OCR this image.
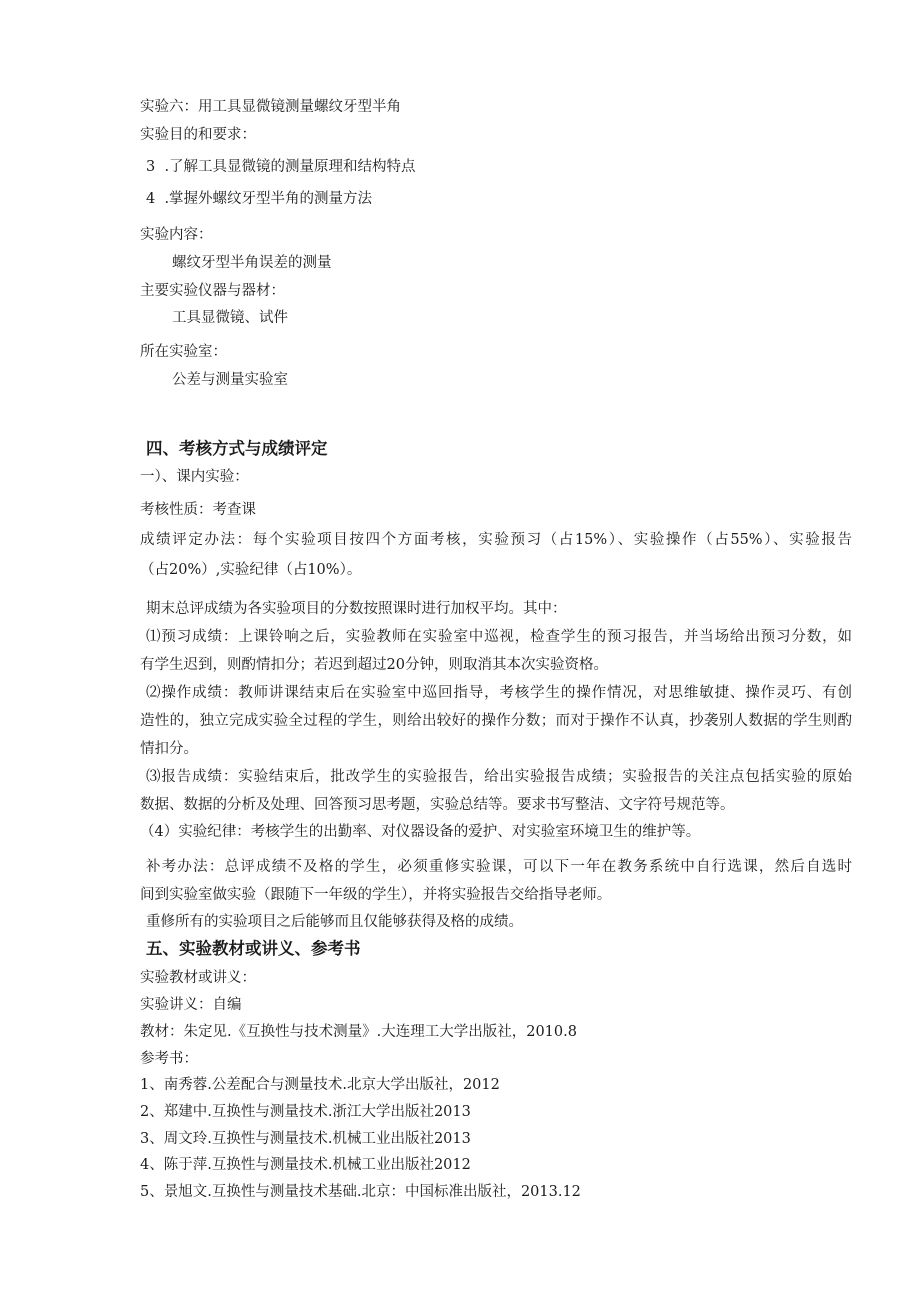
实验六：用工具显微镜测量螺纹牙型半角
实验目的和要求：
3  .了解工具显微镜的测量原理和结构特点
4  .掌握外螺纹牙型半角的测量方法
实验内容：
螺纹牙型半角误差的测量
主要实验仪器与器材：
工具显微镜、试件
所在实验室：
公差与测量实验室
四、考核方式与成绩评定
一）、课内实验：
考核性质：考查课
成绩评定办法：每个实验项目按四个方面考核，实验预习（占15%）、实验操作（占55%）、实验报告
（占20%）,实验纪律（占10%）。
期末总评成绩为各实验项目的分数按照课时进行加权平均。其中：
⑴预习成绩：上课铃响之后，实验教师在实验室中巡视，检查学生的预习报告，并当场给出预习分数，如
有学生迟到，则酌情扣分；若迟到超过20分钟，则取消其本次实验资格。
⑵操作成绩：教师讲课结束后在实验室中巡回指导，考核学生的操作情况，对思维敏捷、操作灵巧、有创
造性的，独立完成实验全过程的学生，则给出较好的操作分数；而对于操作不认真，抄袭别人数据的学生则酌
情扣分。
⑶报告成绩：实验结束后，批改学生的实验报告，给出实验报告成绩；实验报告的关注点包括实验的原始
数据、数据的分析及处理、回答预习思考题，实验总结等。要求书写整洁、文字符号规范等。
（4）实验纪律：考核学生的出勤率、对仪器设备的爱护、对实验室环境卫生的维护等。
补考办法：总评成绩不及格的学生，必须重修实验课，可以下一年在教务系统中自行选课，然后自选时
间到实验室做实验（跟随下一年级的学生），并将实验报告交给指导老师。
重修所有的实验项目之后能够而且仅能够获得及格的成绩。
五、实验教材或讲义、参考书
实验教材或讲义：
实验讲义：自编
教材：朱定见.《互换性与技术测量》.大连理工大学出版社，2010.8
参考书：
1、南秀蓉.公差配合与测量技术.北京大学出版社，2012
2、郑建中.互换性与测量技术.浙江大学出版社2013
3、周文玲.互换性与测量技术.机械工业出版社2013
4、陈于萍.互换性与测量技术.机械工业出版社2012
5、景旭文.互换性与测量技术基础.北京：中国标准出版社，2013.12
